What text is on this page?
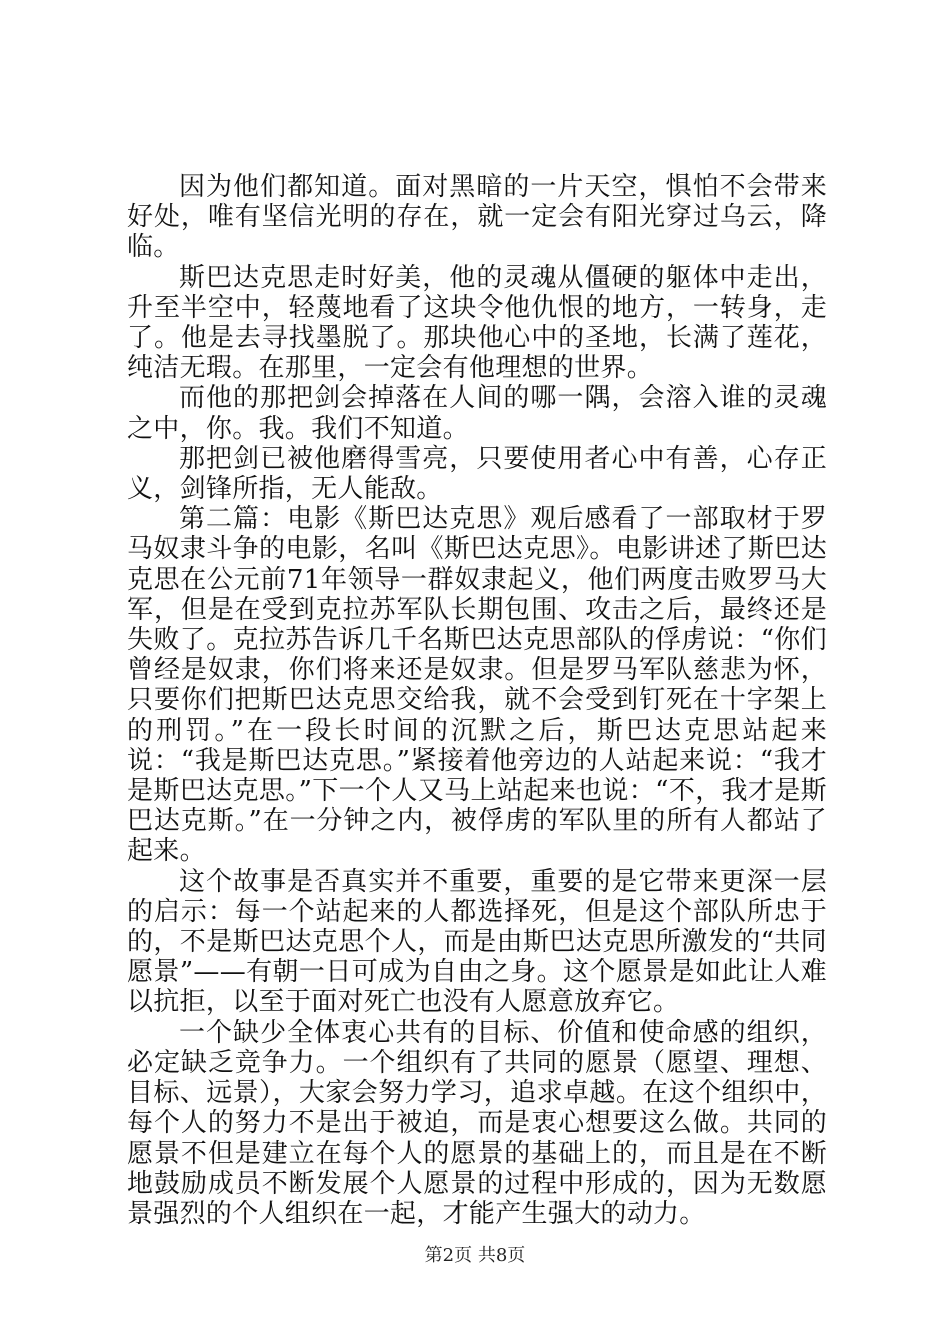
因为他们都知道。面对黑暗的一片天空，惧怕不会带来好处，唯有坚信光明的存在，就一定会有阳光穿过乌云，降临。

斯巴达克思走时好美，他的灵魂从僵硬的躯体中走出，升至半空中，轻蔑地看了这块令他仇恨的地方，一转身，走了。他是去寻找墨脱了。那块他心中的圣地，长满了莲花，纯洁无瑕。在那里，一定会有他理想的世界。

而他的那把剑会掉落在人间的哪一隅，会溶入谁的灵魂之中，你。我。我们不知道。

那把剑已被他磨得雪亮，只要使用者心中有善，心存正义，剑锋所指，无人能敌。

第二篇：电影《斯巴达克思》观后感看了一部取材于罗马奴隶斗争的电影，名叫《斯巴达克思》。电影讲述了斯巴达克思在公元前71年领导一群奴隶起义，他们两度击败罗马大军，但是在受到克拉苏军队长期包围、攻击之后，最终还是失败了。克拉苏告诉几千名斯巴达克思部队的俘虏说：“你们曾经是奴隶，你们将来还是奴隶。但是罗马军队慈悲为怀，只要你们把斯巴达克思交给我，就不会受到钉死在十字架上的刑罚。”在一段长时间的沉默之后，斯巴达克思站起来说：“我是斯巴达克思。”紧接着他旁边的人站起来说：“我才是斯巴达克思。”下一个人又马上站起来也说：“不，我才是斯巴达克斯。”在一分钟之内，被俘虏的军队里的所有人都站了起来。

这个故事是否真实并不重要，重要的是它带来更深一层的启示：每一个站起来的人都选择死，但是这个部队所忠于的，不是斯巴达克思个人，而是由斯巴达克思所激发的“共同愿景”——有朝一日可成为自由之身。这个愿景是如此让人难以抗拒，以至于面对死亡也没有人愿意放弃它。

一个缺少全体衷心共有的目标、价值和使命感的组织，必定缺乏竞争力。一个组织有了共同的愿景（愿望、理想、目标、远景），大家会努力学习，追求卓越。在这个组织中，每个人的努力不是出于被迫，而是衷心想要这么做。共同的愿景不但是建立在每个人的愿景的基础上的，而且是在不断地鼓励成员不断发展个人愿景的过程中形成的，因为无数愿景强烈的个人组织在一起，才能产生强大的动力。

第2页 共8页
